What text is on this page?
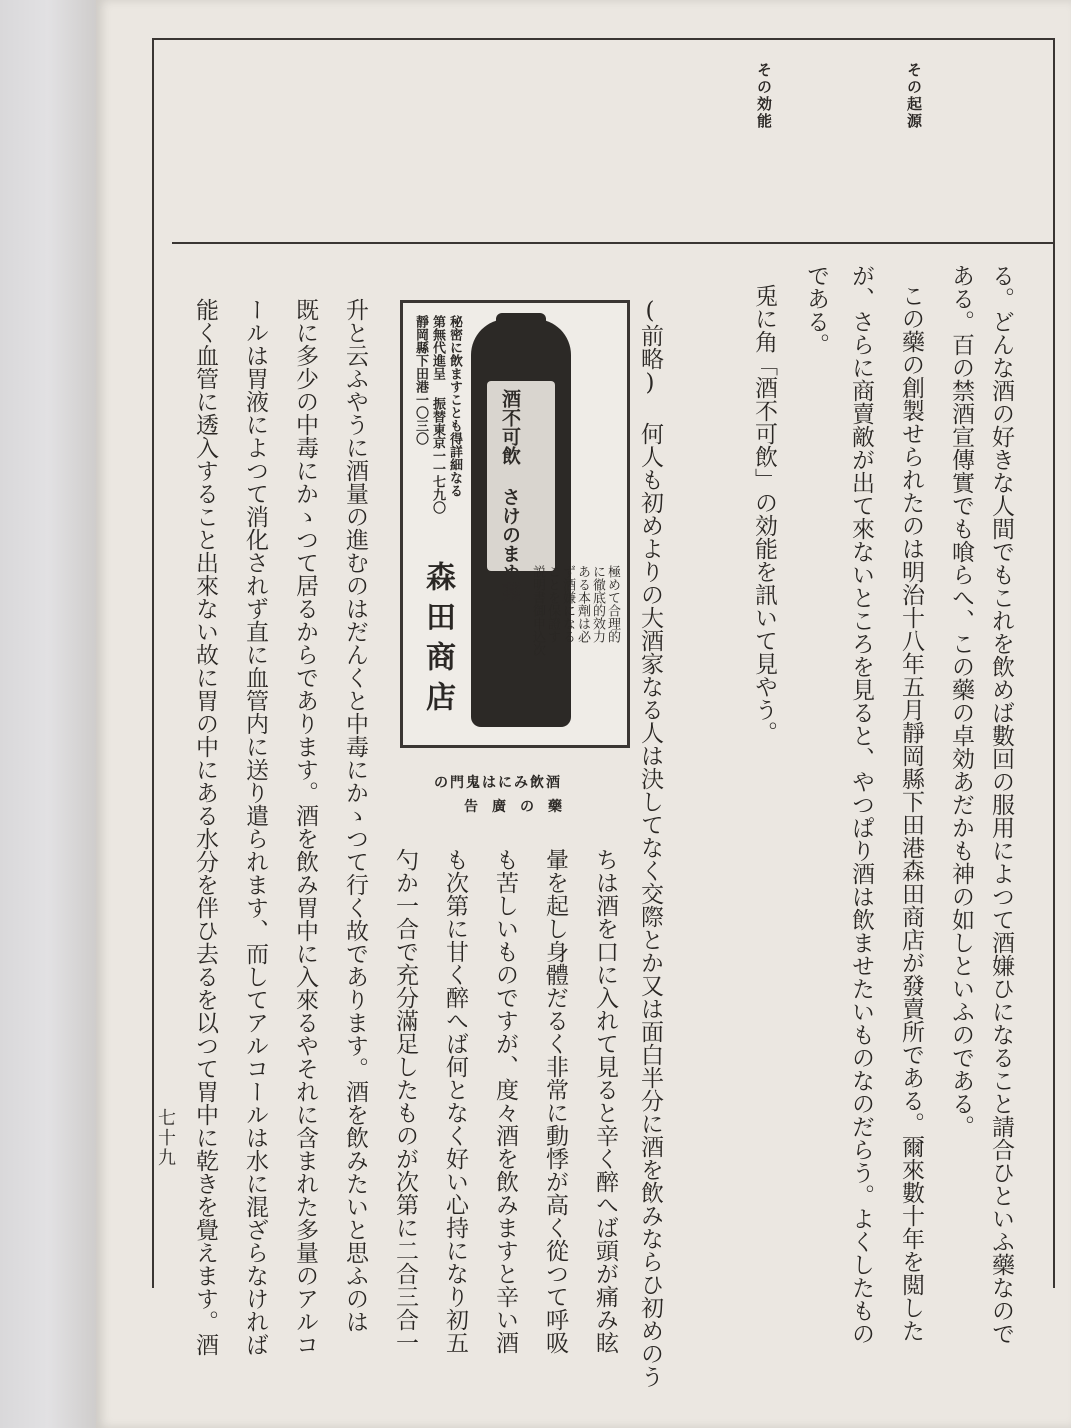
その起源
その効能
る。どんな酒の好きな人間でもこれを飲めば數回の服用によつて酒嫌ひになること請合ひといふ藥なので
ある。百の禁酒宣傳實でも喰らへ、この藥の卓効あだかも神の如しといふのである。
この藥の創製せられたのは明治十八年五月靜岡縣下田港森田商店が發賣所である。爾來數十年を閲した
が、さらに商賣敵が出て來ないところを見ると、やつぱり酒は飲ませたいものなのだらう。よくしたもの
である。
兎に角「酒不可飲」の効能を訊いて見やう。
(前略) 何人も初めよりの大酒家なる人は決してなく交際とか又は面白半分に酒を飲みならひ初めのう
ちは酒を口に入れて見ると辛く醉へば頭が痛み眩
暈を起し身體だるく非常に動悸が高く從つて呼吸
も苦しいものですが、度々酒を飲みますと辛い酒
も次第に甘く醉へば何となく好い心持になり初五
勺か一合で充分滿足したものが次第に二合三合一
升と云ふやうに酒量の進むのはだんくと中毒にかゝつて行く故であります。酒を飲みたいと思ふのは
既に多少の中毒にかゝつて居るからであります。酒を飲み胃中に入來るやそれに含まれた多量のアルコ
ールは胃液によつて消化されず直に血管内に送り遣られます、而してアルコールは水に混ざらなければ
能く血管に透入すること出來ない故に胃の中にある水分を伴ひ去るを以つて胃中に乾きを覺えます。酒	酒不可飲 さけのまぬ薬
極めて合理的
に徹底的效力
ある本劑は必
ず酒嫌になる
ことを保證す
説明書御申込次
秘密に飲ますことも得詳細なる
第無代進呈
振替東京一一七九〇
靜岡縣下田港一〇三〇
森田商店
酒飲みには鬼門の
藥の廣告
七十九
